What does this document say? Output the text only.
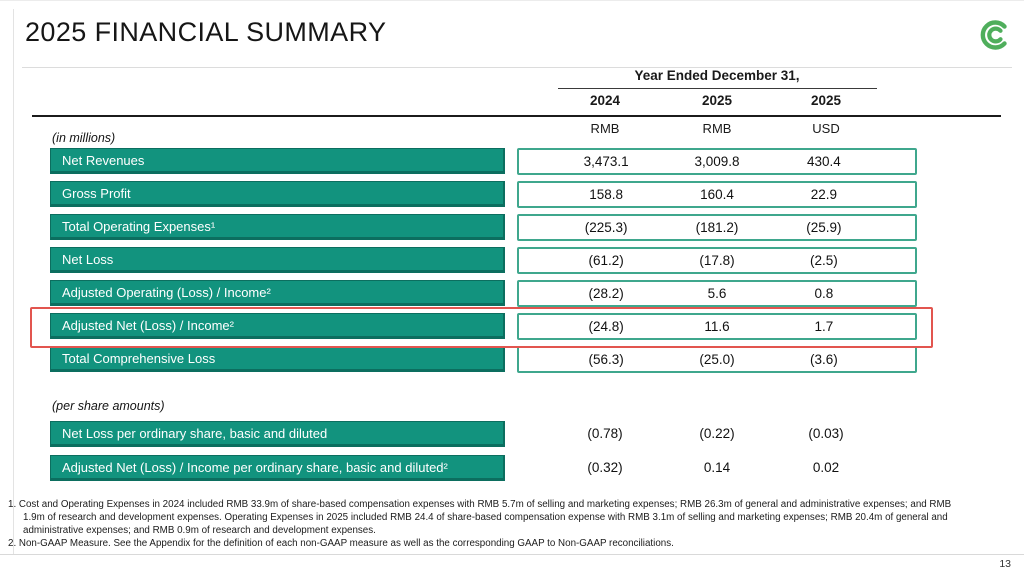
2025 FINANCIAL SUMMARY
Year Ended December 31,
2024	2025	2025
RMB	RMB	USD
(in millions)
Net Revenues	3,473.1	3,009.8	430.4
Gross Profit	158.8	160.4	22.9
Total Operating Expenses¹	(225.3)	(181.2)	(25.9)
Net Loss	(61.2)	(17.8)	(2.5)
Adjusted Operating (Loss) / Income²	(28.2)	5.6	0.8
Adjusted Net (Loss) / Income²	(24.8)	11.6	1.7
Total Comprehensive Loss	(56.3)	(25.0)	(3.6)
(per share amounts)
Net Loss per ordinary share, basic and diluted	(0.78)	(0.22)	(0.03)
Adjusted Net (Loss) / Income per ordinary share, basic and diluted²	(0.32)	0.14	0.02
1. Cost and Operating Expenses in 2024 included RMB 33.9m of share-based compensation expenses with RMB 5.7m of selling and marketing expenses; RMB 26.3m of general and administrative expenses; and RMB 1.9m of research and development expenses. Operating Expenses in 2025 included RMB 24.4 of share-based compensation expense with RMB 3.1m of selling and marketing expenses; RMB 20.4m of general and administrative expenses; and RMB 0.9m of research and development expenses.
2. Non-GAAP Measure. See the Appendix for the definition of each non-GAAP measure as well as the corresponding GAAP to Non-GAAP reconciliations.
13
